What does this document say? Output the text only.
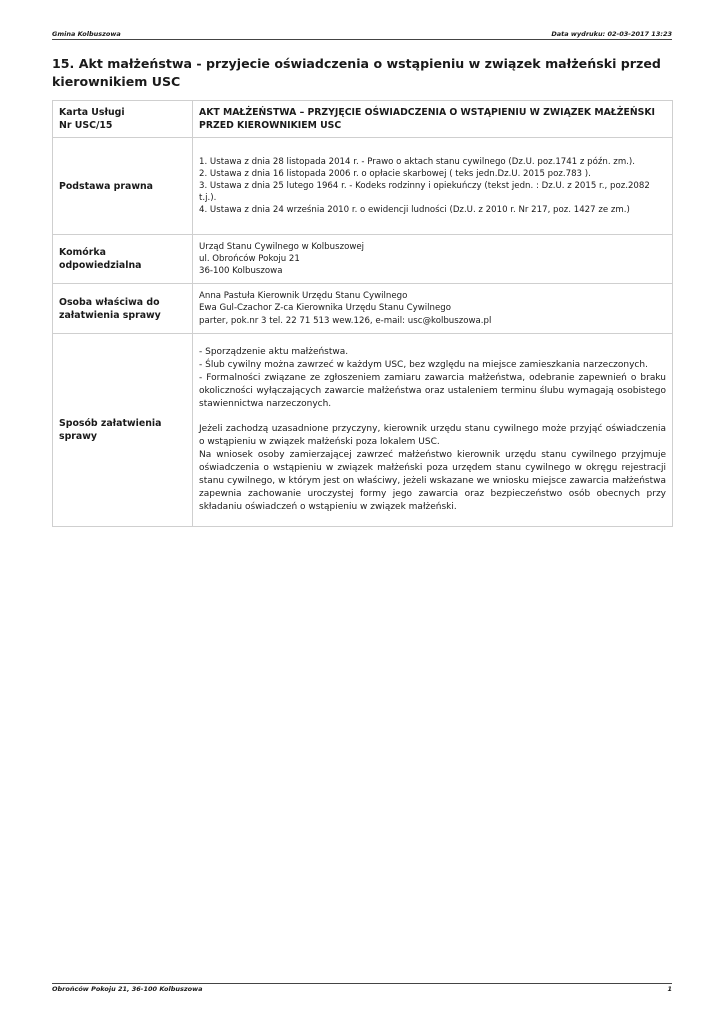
Gmina Kolbuszowa	Data wydruku: 02-03-2017 13:23
15. Akt małżeństwa - przyjecie oświadczenia o wstąpieniu w związek małżeński przed kierownikiem USC
Karta Usługi
Nr USC/15	AKT MAŁŻEŃSTWA – PRZYJĘCIE OŚWIADCZENIA O WSTĄPIENIU W ZWIĄZEK MAŁŻEŃSKI PRZED KIEROWNIKIEM USC
Podstawa prawna	1. Ustawa z dnia 28 listopada 2014 r. - Prawo o aktach stanu cywilnego (Dz.U. poz.1741 z późn. zm.).
2. Ustawa z dnia 16 listopada 2006 r. o opłacie skarbowej ( teks jedn.Dz.U. 2015 poz.783 ).
3. Ustawa z dnia 25 lutego 1964 r. - Kodeks rodzinny i opiekuńczy (tekst jedn. : Dz.U. z 2015 r., poz.2082 t.j.).
4. Ustawa z dnia 24 września 2010 r. o ewidencji ludności (Dz.U. z 2010 r. Nr 217, poz. 1427 ze zm.)

Komórka
odpowiedzialna	Urząd Stanu Cywilnego w Kolbuszowej
ul. Obrońców Pokoju 21
36-100 Kolbuszowa

Osoba właściwa do
załatwienia sprawy	Anna Pastuła Kierownik Urzędu Stanu Cywilnego
Ewa Gul-Czachor Z-ca Kierownika Urzędu Stanu Cywilnego
parter, pok.nr 3 tel. 22 71 513 wew.126, e-mail: usc@kolbuszowa.pl

Sposób załatwienia
sprawy	- Sporządzenie aktu małżeństwa.
- Ślub cywilny można zawrzeć w każdym USC, bez względu na miejsce zamieszkania narzeczonych.
- Formalności związane ze zgłoszeniem zamiaru zawarcia małżeństwa, odebranie zapewnień o braku okoliczności wyłączających zawarcie małżeństwa oraz ustaleniem terminu ślubu wymagają osobistego stawiennictwa narzeczonych.
Jeżeli zachodzą uzasadnione przyczyny, kierownik urzędu stanu cywilnego może przyjąć oświadczenia o wstąpieniu w związek małżeński poza lokalem USC.
Na wniosek osoby zamierzającej zawrzeć małżeństwo kierownik urzędu stanu cywilnego przyjmuje oświadczenia o wstąpieniu w związek małżeński poza urzędem stanu cywilnego w okręgu rejestracji stanu cywilnego, w którym jest on właściwy, jeżeli wskazane we wniosku miejsce zawarcia małżeństwa zapewnia zachowanie uroczystej formy jego zawarcia oraz bezpieczeństwo osób obecnych przy składaniu oświadczeń o wstąpieniu w związek małżeński.
Obrońców Pokoju 21, 36-100 Kolbuszowa	1
